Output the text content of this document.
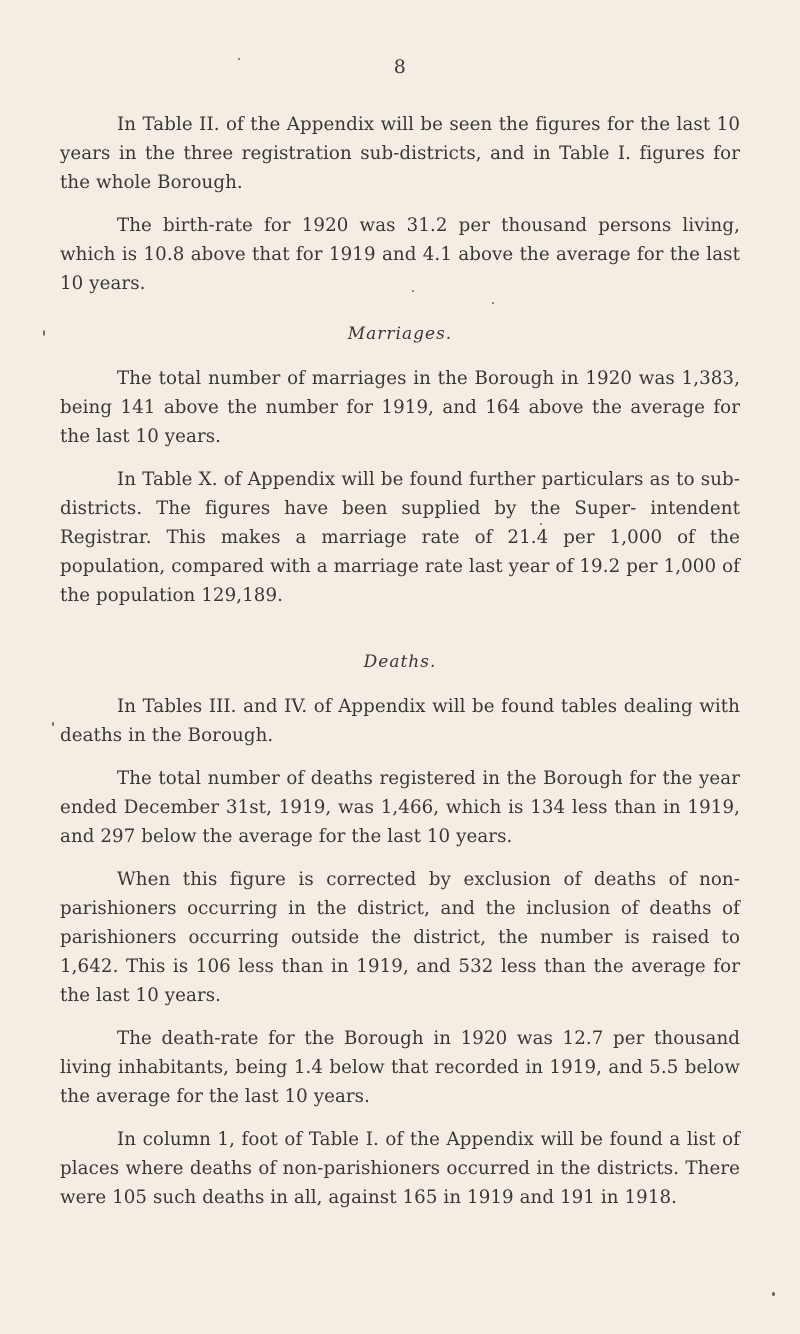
8

In Table II. of the Appendix will be seen the figures for the last 10 years in the three registration sub-districts, and in Table I. figures for the whole Borough.

The birth-rate for 1920 was 31.2 per thousand persons living, which is 10.8 above that for 1919 and 4.1 above the average for the last 10 years.

Marriages.

The total number of marriages in the Borough in 1920 was 1,383, being 141 above the number for 1919, and 164 above the average for the last 10 years.

In Table X. of Appendix will be found further particulars as to sub-districts. The figures have been supplied by the Super- intendent Registrar. This makes a marriage rate of 21.4 per 1,000 of the population, compared with a marriage rate last year of 19.2 per 1,000 of the population 129,189.

Deaths.

In Tables III. and IV. of Appendix will be found tables dealing with deaths in the Borough.

The total number of deaths registered in the Borough for the year ended December 31st, 1919, was 1,466, which is 134 less than in 1919, and 297 below the average for the last 10 years.

When this figure is corrected by exclusion of deaths of non- parishioners occurring in the district, and the inclusion of deaths of parishioners occurring outside the district, the number is raised to 1,642. This is 106 less than in 1919, and 532 less than the average for the last 10 years.

The death-rate for the Borough in 1920 was 12.7 per thousand living inhabitants, being 1.4 below that recorded in 1919, and 5.5 below the average for the last 10 years.

In column 1, foot of Table I. of the Appendix will be found a list of places where deaths of non-parishioners occurred in the districts. There were 105 such deaths in all, against 165 in 1919 and 191 in 1918.
